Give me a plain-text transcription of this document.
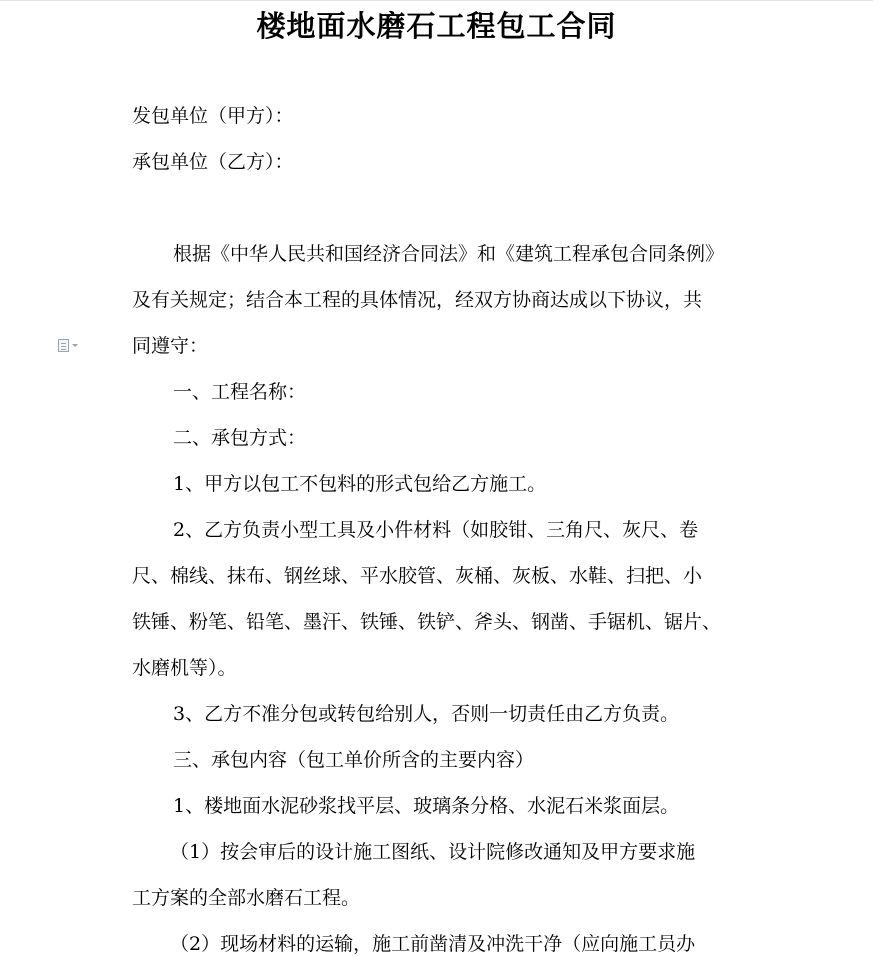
楼地面水磨石工程包工合同

发包单位（甲方）：

承包单位（乙方）：

根据《中华人民共和国经济合同法》和《建筑工程承包合同条例》

及有关规定；结合本工程的具体情况，经双方协商达成以下协议，共

同遵守：

一、工程名称：

二、承包方式：

1、甲方以包工不包料的形式包给乙方施工。

2、乙方负责小型工具及小件材料（如胶钳、三角尺、灰尺、卷

尺、棉线、抹布、钢丝球、平水胶管、灰桶、灰板、水鞋、扫把、小

铁锤、粉笔、铅笔、墨汗、铁锤、铁铲、斧头、钢凿、手锯机、锯片、

水磨机等）。

3、乙方不准分包或转包给别人，否则一切责任由乙方负责。

三、承包内容（包工单价所含的主要内容）

1、楼地面水泥砂浆找平层、玻璃条分格、水泥石米浆面层。

（1）按会审后的设计施工图纸、设计院修改通知及甲方要求施

工方案的全部水磨石工程。

（2）现场材料的运输，施工前凿清及冲洗干净（应向施工员办
